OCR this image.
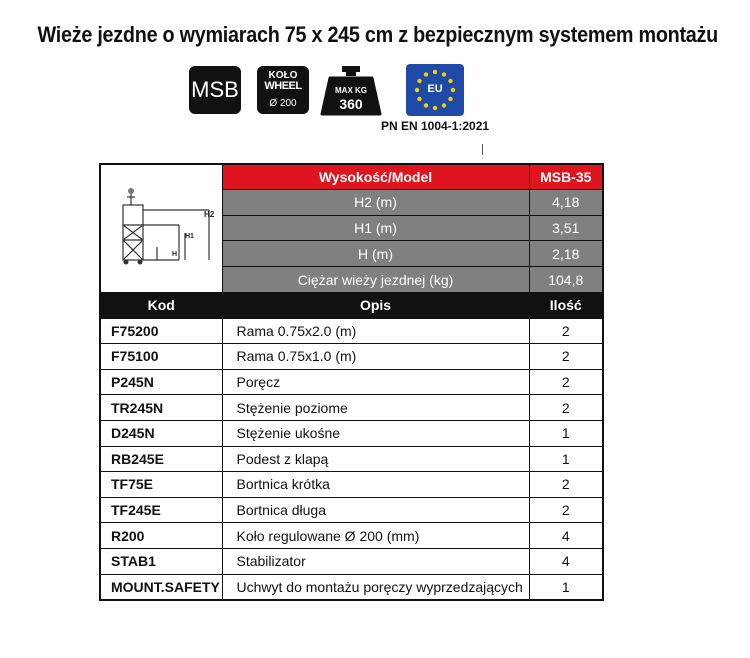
Wieże jezdne o wymiarach 75 x 245 cm z bezpiecznym systemem montażu
MSB
KOŁO
WHEEL
Ø 200
MAX KG
360
EU
PN EN 1004-1:2021
H2
H1
H	Wysokość/Model	MSB-35
	H2 (m)	4,18
	H1 (m)	3,51
	H (m)	2,18
	Ciężar wieży jezdnej (kg)	104,8
Kod	Opis	Ilość
F75200	Rama 0.75x2.0 (m)	2
F75100	Rama 0.75x1.0 (m)	2
P245N	Poręcz	2
TR245N	Stężenie poziome	2
D245N	Stężenie ukośne	1
RB245E	Podest z klapą	1
TF75E	Bortnica krótka	2
TF245E	Bortnica długa	2
R200	Koło regulowane Ø 200 (mm)	4
STAB1	Stabilizator	4
MOUNT.SAFETY	Uchwyt do montażu poręczy wyprzedzających	1
